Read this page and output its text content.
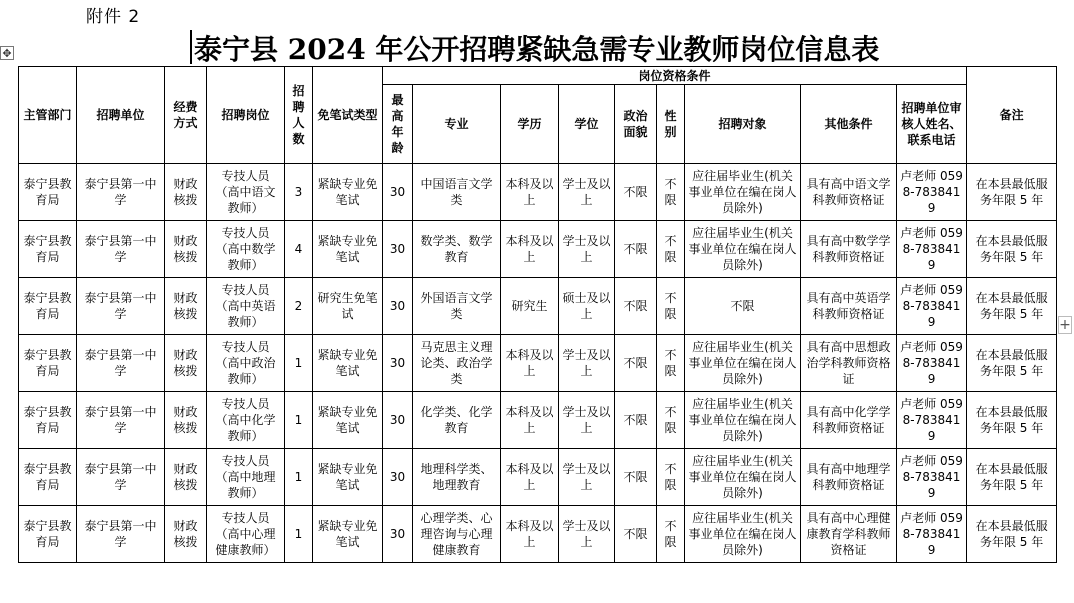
附件 2
泰宁县 2024 年公开招聘紧缺急需专业教师岗位信息表
✥
+
主管部门	招聘单位	经费方式	招聘岗位	招聘人数	免笔试类型	岗位资格条件									备注
						最高年龄	专业	学历	学位	政治面貌	性别	招聘对象	其他条件	招聘单位审核人姓名、联系电话	
泰宁县教育局	泰宁县第一中学	财政核拨	专技人员（高中语文教师）	3	紧缺专业免笔试	30	中国语言文学类	本科及以上	学士及以上	不限	不限	应往届毕业生(机关事业单位在编在岗人员除外)	具有高中语文学科教师资格证	卢老师 0598-7838419	在本县最低服务年限 5 年
泰宁县教育局	泰宁县第一中学	财政核拨	专技人员（高中数学教师）	4	紧缺专业免笔试	30	数学类、数学教育	本科及以上	学士及以上	不限	不限	应往届毕业生(机关事业单位在编在岗人员除外)	具有高中数学学科教师资格证	卢老师 0598-7838419	在本县最低服务年限 5 年
泰宁县教育局	泰宁县第一中学	财政核拨	专技人员（高中英语教师）	2	研究生免笔试	30	外国语言文学类	研究生	硕士及以上	不限	不限	不限	具有高中英语学科教师资格证	卢老师 0598-7838419	在本县最低服务年限 5 年
泰宁县教育局	泰宁县第一中学	财政核拨	专技人员（高中政治教师）	1	紧缺专业免笔试	30	马克思主义理论类、政治学类	本科及以上	学士及以上	不限	不限	应往届毕业生(机关事业单位在编在岗人员除外)	具有高中思想政治学科教师资格证	卢老师 0598-7838419	在本县最低服务年限 5 年
泰宁县教育局	泰宁县第一中学	财政核拨	专技人员（高中化学教师）	1	紧缺专业免笔试	30	化学类、化学教育	本科及以上	学士及以上	不限	不限	应往届毕业生(机关事业单位在编在岗人员除外)	具有高中化学学科教师资格证	卢老师 0598-7838419	在本县最低服务年限 5 年
泰宁县教育局	泰宁县第一中学	财政核拨	专技人员（高中地理教师）	1	紧缺专业免笔试	30	地理科学类、地理教育	本科及以上	学士及以上	不限	不限	应往届毕业生(机关事业单位在编在岗人员除外)	具有高中地理学科教师资格证	卢老师 0598-7838419	在本县最低服务年限 5 年
泰宁县教育局	泰宁县第一中学	财政核拨	专技人员（高中心理健康教师）	1	紧缺专业免笔试	30	心理学类、心理咨询与心理健康教育	本科及以上	学士及以上	不限	不限	应往届毕业生(机关事业单位在编在岗人员除外)	具有高中心理健康教育学科教师资格证	卢老师 0598-7838419	在本县最低服务年限 5 年
